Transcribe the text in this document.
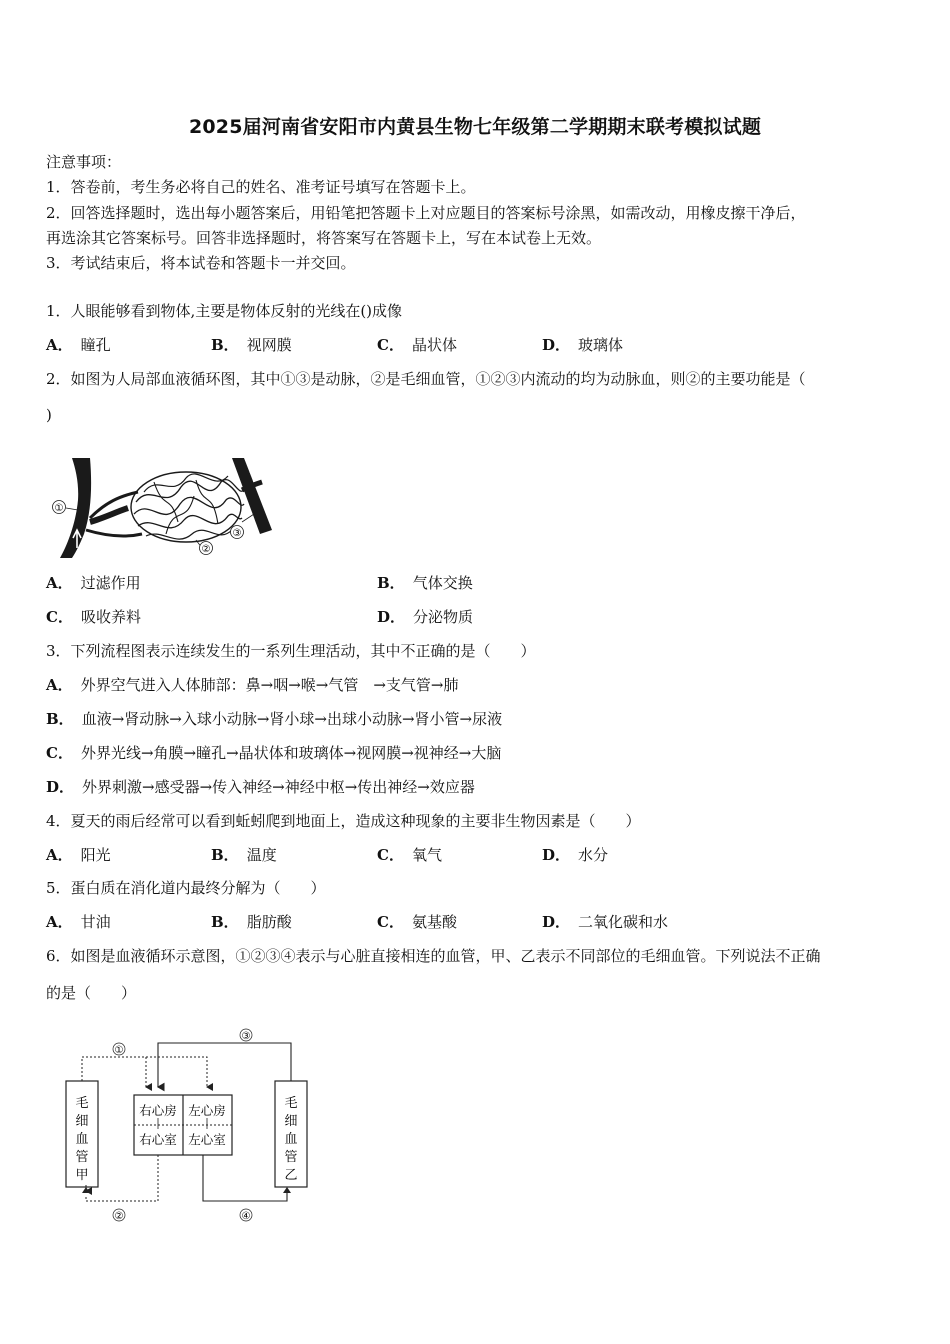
2025届河南省安阳市内黄县生物七年级第二学期期末联考模拟试题
注意事项：
1．答卷前，考生务必将自己的姓名、准考证号填写在答题卡上。
2．回答选择题时，选出每小题答案后，用铅笔把答题卡上对应题目的答案标号涂黑，如需改动，用橡皮擦干净后，
再选涂其它答案标号。回答非选择题时，将答案写在答题卡上，写在本试卷上无效。
3．考试结束后，将本试卷和答题卡一并交回。
1．人眼能够看到物体,主要是物体反射的光线在()成像
A． 瞳孔	B． 视网膜	C． 晶状体	D． 玻璃体
2．如图为人局部血液循环图，其中①③是动脉，②是毛细血管，①②③内流动的均为动脉血，则②的主要功能是（
)
①
②
③
A． 过滤作用	B． 气体交换
C． 吸收养料	D． 分泌物质
3．下列流程图表示连续发生的一系列生理活动，其中不正确的是（　　）
A． 外界空气进入人体肺部：鼻→咽→喉→气管　→支气管→肺
B． 血液→肾动脉→入球小动脉→肾小球→出球小动脉→肾小管→尿液
C． 外界光线→角膜→瞳孔→晶状体和玻璃体→视网膜→视神经→大脑
D． 外界刺激→感受器→传入神经→神经中枢→传出神经→效应器
4．夏天的雨后经常可以看到蚯蚓爬到地面上，造成这种现象的主要非生物因素是（　　）
A． 阳光	B． 温度	C． 氧气	D． 水分
5．蛋白质在消化道内最终分解为（　　）
A． 甘油	B． 脂肪酸	C． 氨基酸	D． 二氧化碳和水
6．如图是血液循环示意图，①②③④表示与心脏直接相连的血管，甲、乙表示不同部位的毛细血管。下列说法不正确
的是（　　）
毛
细
血
管
甲
毛
细
血
管
乙
右心房 左心房
右心室 左心室
①
②
③
④
